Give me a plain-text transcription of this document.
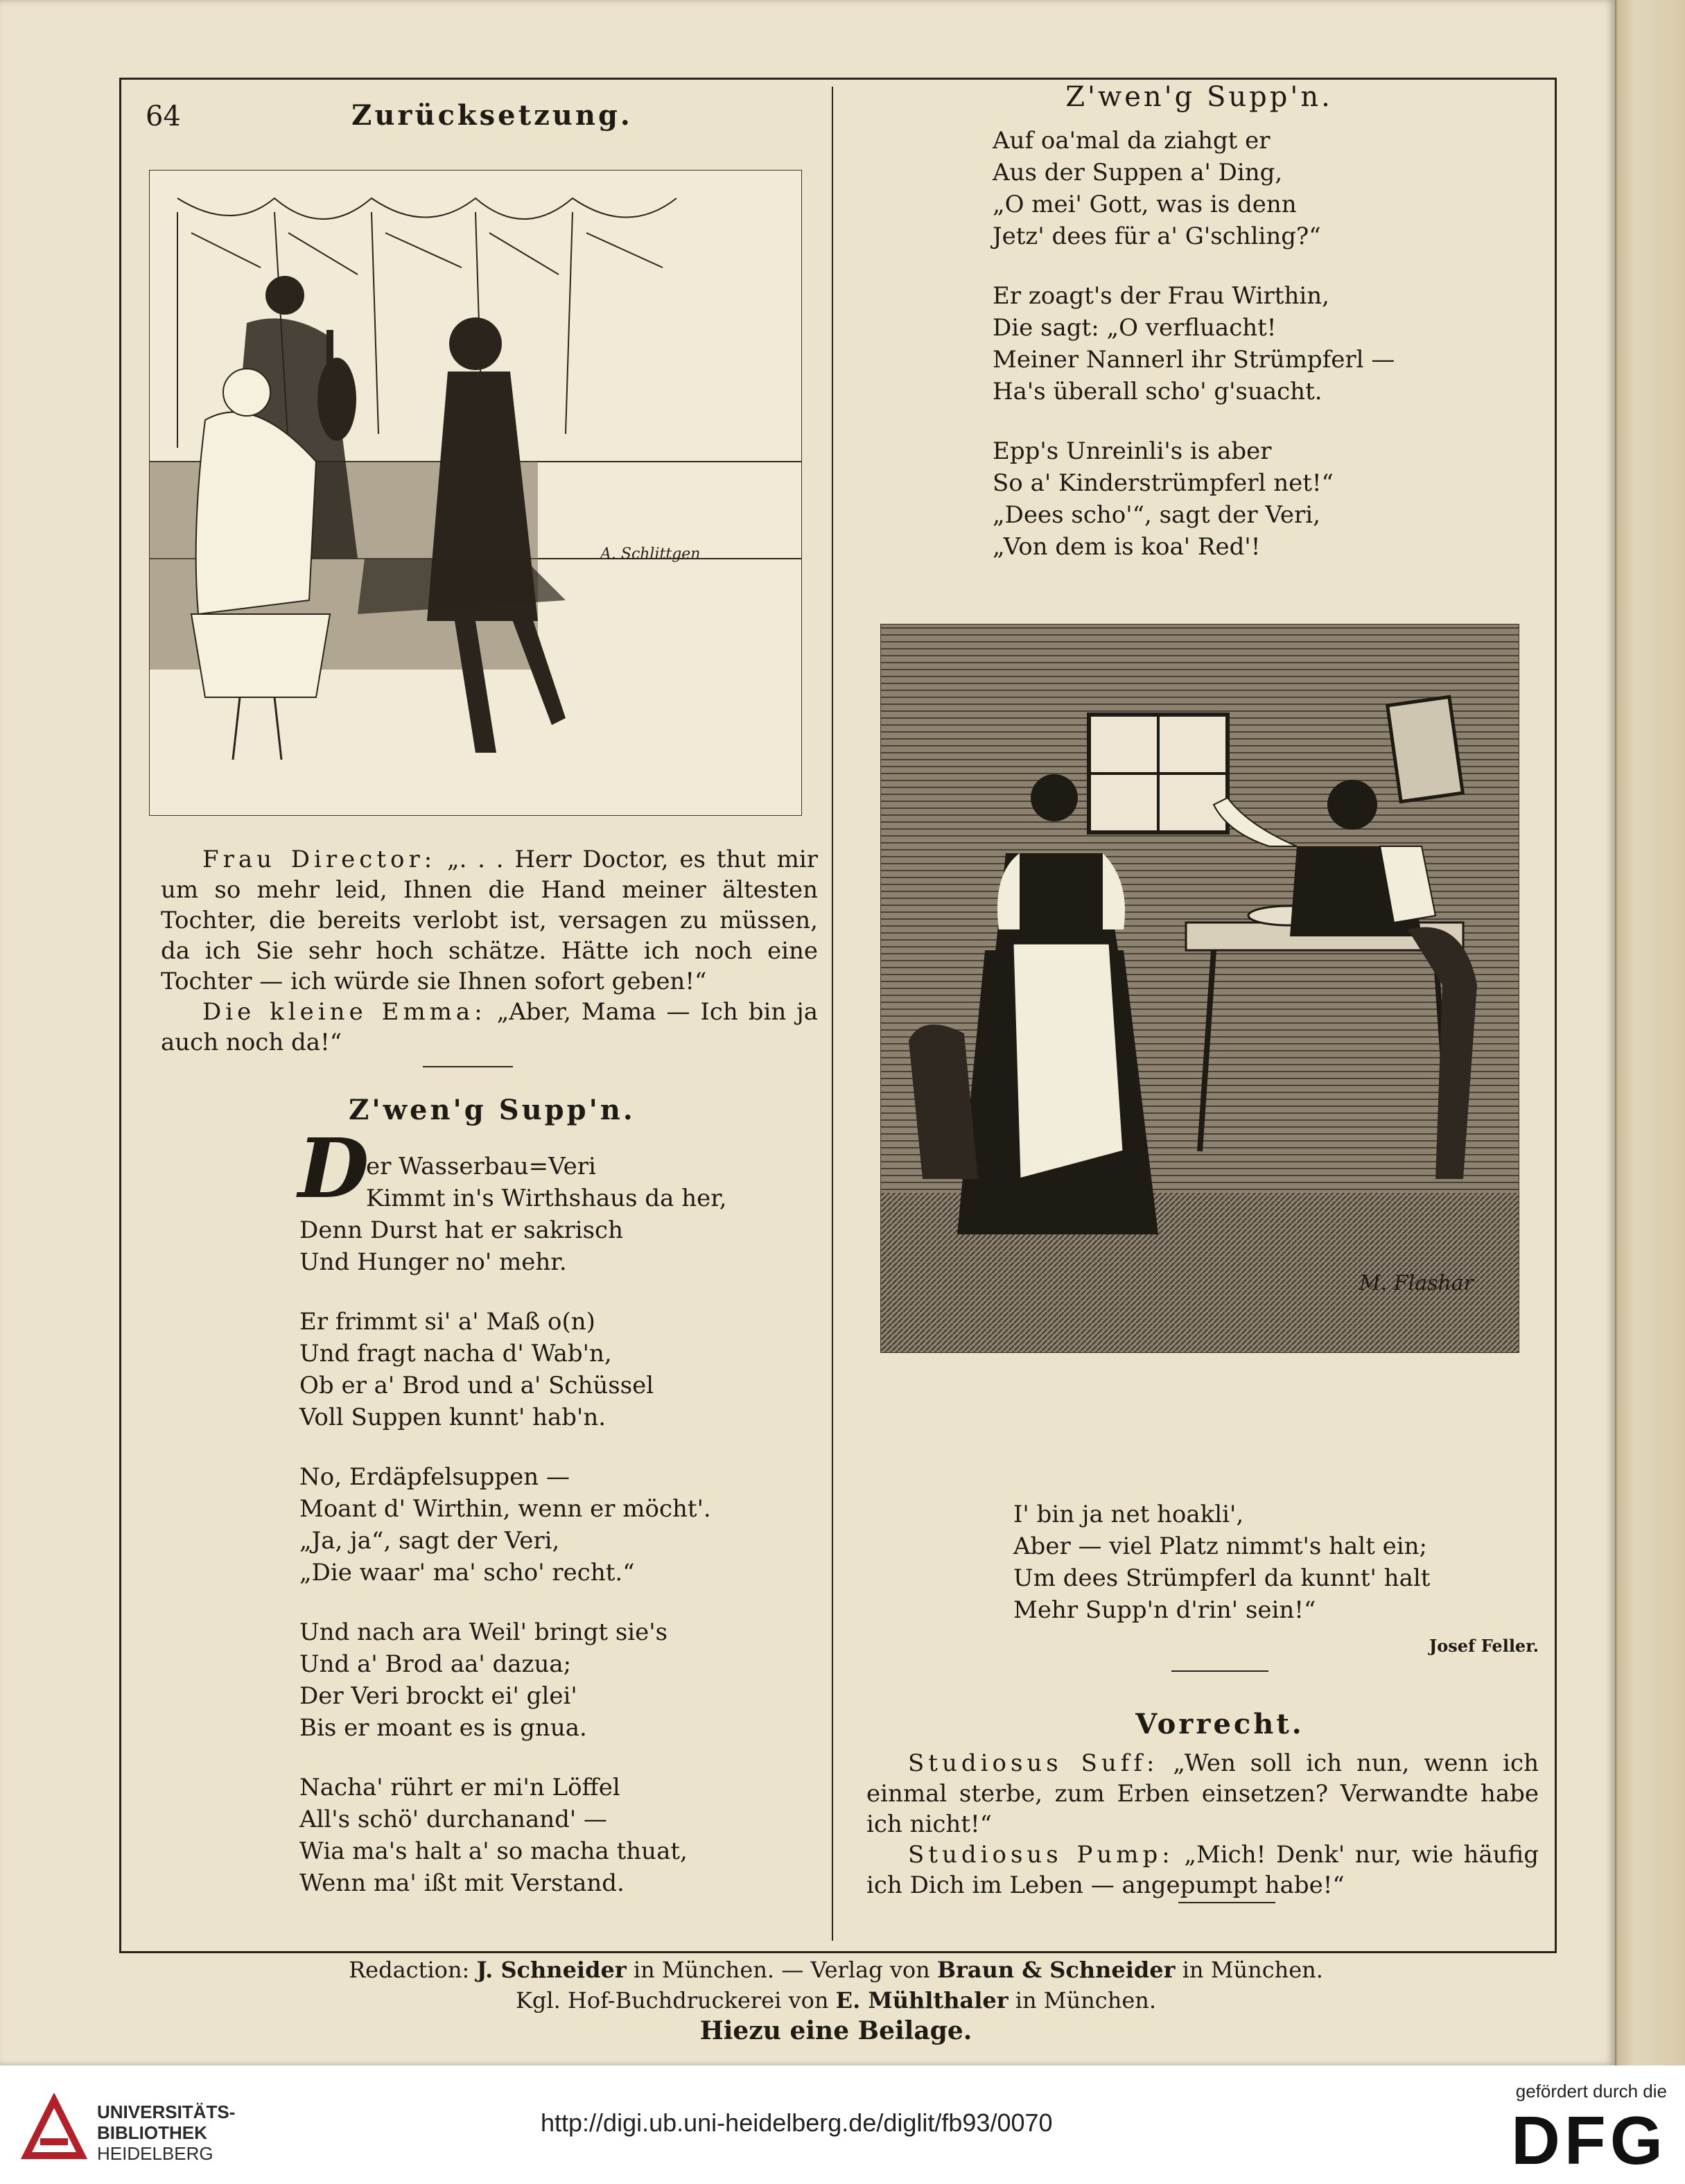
64	Zurücksetzung.
A. Schlittgen

Frau Director: „. . . Herr Doctor, es thut mir um so mehr leid, Ihnen die Hand meiner ältesten Tochter, die bereits verlobt ist, versagen zu müssen, da ich Sie sehr hoch schätze. Hätte ich noch eine Tochter — ich würde sie Ihnen sofort geben!“

Die kleine Emma: „Aber, Mama — Ich bin ja auch noch da!“

Z'wen'g Supp'n.
D
er Wasserbau=Veri
Kimmt in's Wirthshaus da her,
Denn Durst hat er sakrisch
Und Hunger no' mehr.
Er frimmt si' a' Maß o(n)
Und fragt nacha d' Wab'n,
Ob er a' Brod und a' Schüssel
Voll Suppen kunnt' hab'n.
No, Erdäpfelsuppen —
Moant d' Wirthin, wenn er möcht'.
„Ja, ja“, sagt der Veri,
„Die waar' ma' scho' recht.“
Und nach ara Weil' bringt sie's
Und a' Brod aa' dazua;
Der Veri brockt ei' glei'
Bis er moant es is gnua.
Nacha' rührt er mi'n Löffel
All's schö' durchanand' —
Wia ma's halt a' so macha thuat,
Wenn ma' ißt mit Verstand.
Z'wen'g Supp'n.
Auf oa'mal da ziahgt er
Aus der Suppen a' Ding,
„O mei' Gott, was is denn
Jetz' dees für a' G'schling?“
Er zoagt's der Frau Wirthin,
Die sagt: „O verfluacht!
Meiner Nannerl ihr Strümpferl —
Ha's überall scho' g'suacht.
Epp's Unreinli's is aber
So a' Kinderstrümpferl net!“
„Dees scho'“, sagt der Veri,
„Von dem is koa' Red'!
M. Flashar
I' bin ja net hoakli',
Aber — viel Platz nimmt's halt ein;
Um dees Strümpferl da kunnt' halt
Mehr Supp'n d'rin' sein!“
Josef Feller.
Vorrecht.

Studiosus Suff: „Wen soll ich nun, wenn ich einmal sterbe, zum Erben einsetzen? Verwandte habe ich nicht!“

Studiosus Pump: „Mich! Denk' nur, wie häufig ich Dich im Leben — angepumpt habe!“

Redaction: J. Schneider in München. — Verlag von Braun & Schneider in München.
Kgl. Hof-Buchdruckerei von E. Mühlthaler in München.
Hiezu eine Beilage.
UNIVERSITÄTS-
BIBLIOTHEK
HEIDELBERG
http://digi.ub.uni-heidelberg.de/diglit/fb93/0070
gefördert durch die
DFG
